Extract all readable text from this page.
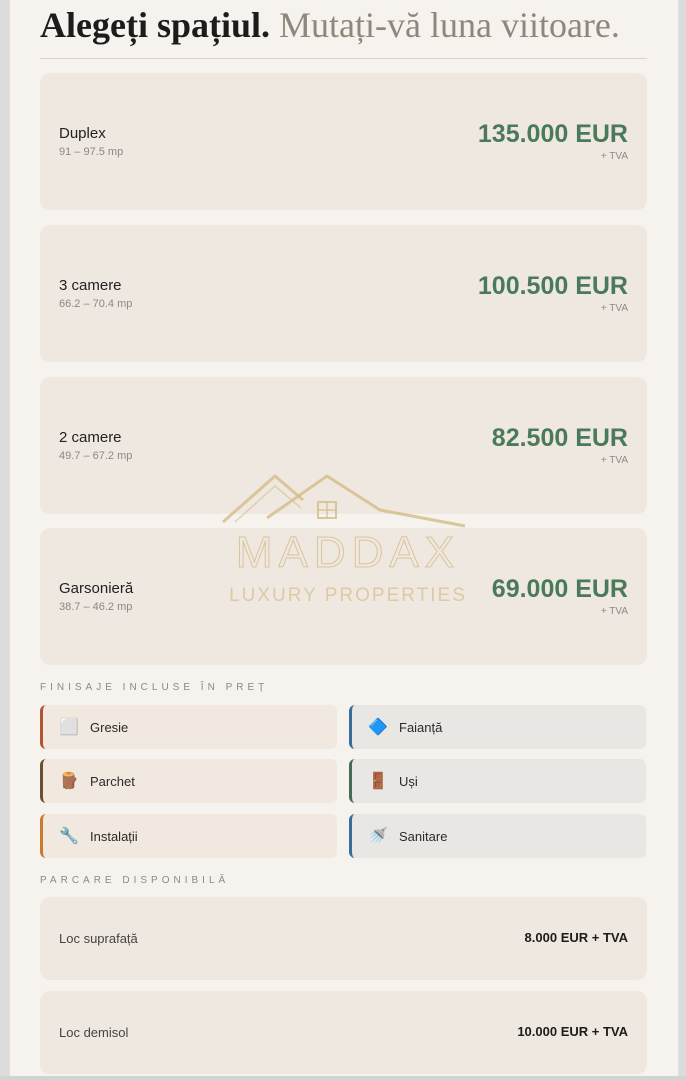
Alegeți spațiul. Mutați-vă luna viitoare.
Duplex
91 – 97.5 mp
135.000 EUR
+ TVA
3 camere
66.2 – 70.4 mp
100.500 EUR
+ TVA
2 camere
49.7 – 67.2 mp
82.500 EUR
+ TVA
Garsonieră
38.7 – 46.2 mp
69.000 EUR
+ TVA
FINISAJE INCLUSE ÎN PREȚ
⬜ Gresie	🔷 Faianță
🪵 Parchet	🚪 Uși
🔧 Instalații	🚿 Sanitare
PARCARE DISPONIBILĂ
Loc suprafață	8.000 EUR + TVA
Loc demisol	10.000 EUR + TVA
LUXURY PROPERTIES
